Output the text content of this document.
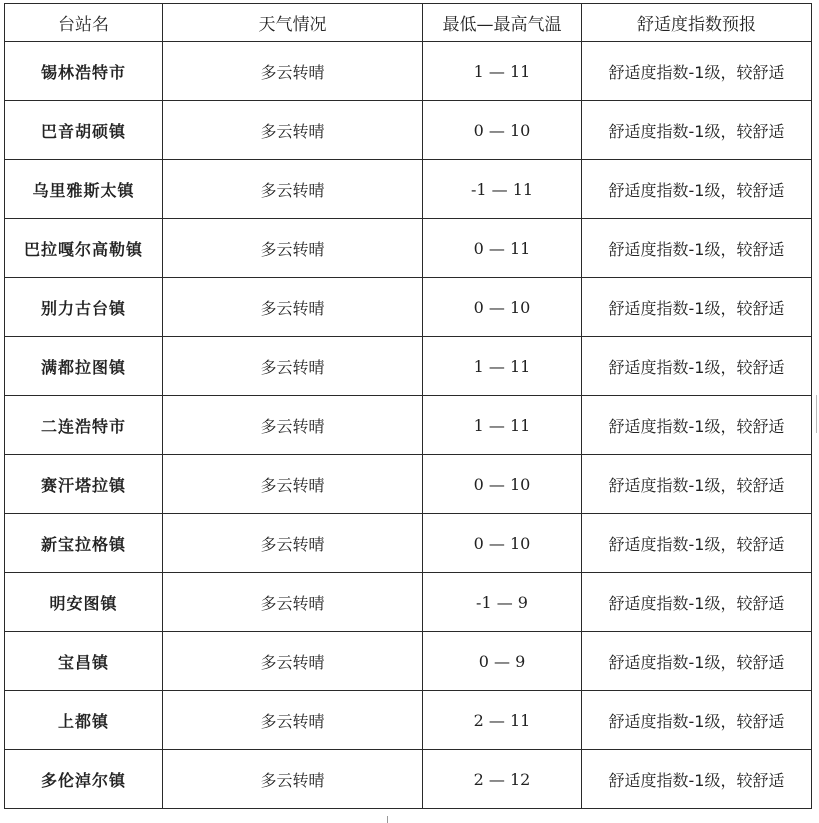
台站名	天气情况	最低—最高气温	舒适度指数预报
锡林浩特市	多云转晴	1 — 11	舒适度指数-1级，较舒适
巴音胡硕镇	多云转晴	0 — 10	舒适度指数-1级，较舒适
乌里雅斯太镇	多云转晴	-1 — 11	舒适度指数-1级，较舒适
巴拉嘎尔高勒镇	多云转晴	0 — 11	舒适度指数-1级，较舒适
别力古台镇	多云转晴	0 — 10	舒适度指数-1级，较舒适
满都拉图镇	多云转晴	1 — 11	舒适度指数-1级，较舒适
二连浩特市	多云转晴	1 — 11	舒适度指数-1级，较舒适
赛汗塔拉镇	多云转晴	0 — 10	舒适度指数-1级，较舒适
新宝拉格镇	多云转晴	0 — 10	舒适度指数-1级，较舒适
明安图镇	多云转晴	-1 — 9	舒适度指数-1级，较舒适
宝昌镇	多云转晴	0 — 9	舒适度指数-1级，较舒适
上都镇	多云转晴	2 — 11	舒适度指数-1级，较舒适
多伦淖尔镇	多云转晴	2 — 12	舒适度指数-1级，较舒适
